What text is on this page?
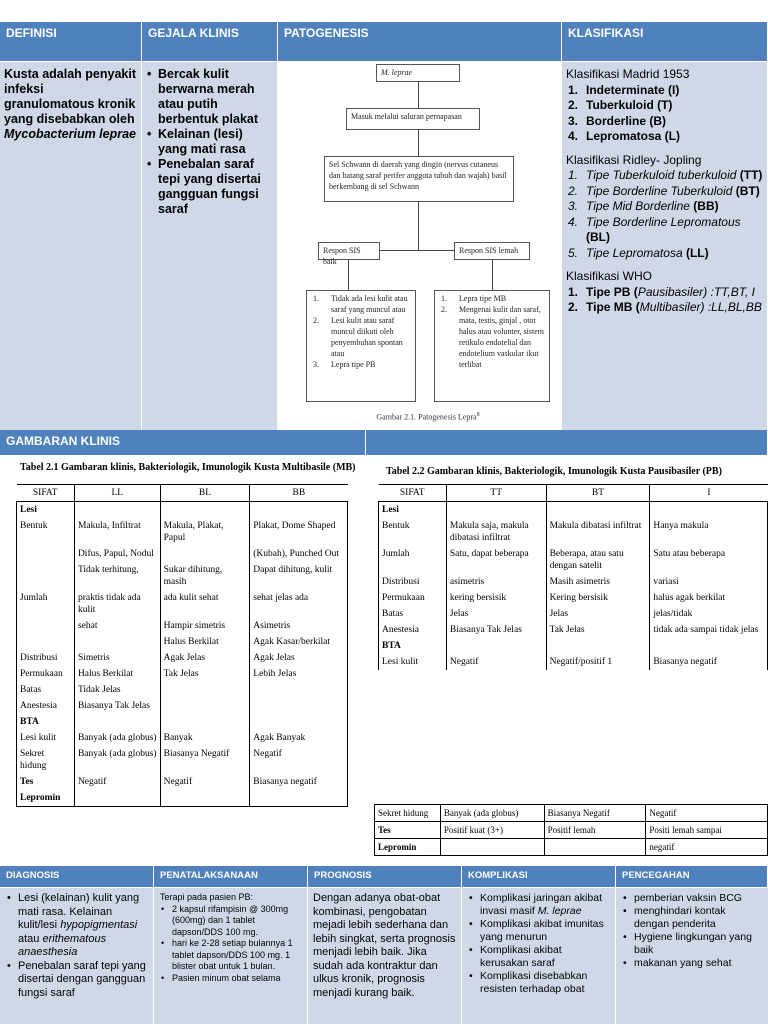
DEFINISI	GEJALA KLINIS	PATOGENESIS	KLASIFIKASI
Kusta adalah penyakit infeksi granulomatous kronik yang disebabkan oleh Mycobacterium leprae
• Bercak kulit berwarna merah atau putih berbentuk plakat
• Kelainan (lesi) yang mati rasa
• Penebalan saraf tepi yang disertai gangguan fungsi saraf
M. leprae
Masuk melalui saluran pernapasan
Sel Schwann di daerah yang dingin (nervus cutaneus dan batang saraf perifer anggota tubuh dan wajah) basil berkembang di sel Schwann
Respon SIS baik
Respon SIS lemah
1. Tidak ada lesi kulit atau saraf yang muncul atau
2. Lesi kulit atau saraf muncul diikuti oleh penyembuhan spontan atau
3. Lepra tipe PB
1. Lepra tipe MB
2. Mengenai kulit dan saraf, mata, testis, ginjal , otot halus atau volunter, sistem retikulo endotelial dan endotelium vaskular ikut terlibat
Gambar 2.1. Patogenesis Lepra$^8$
Klasifikasi Madrid 1953
1. Indeterminate (I)
2. Tuberkuloid (T)
3. Borderline (B)
4. Lepromatosa (L)
Klasifikasi Ridley- Jopling
1. Tipe Tuberkuloid tuberkuloid (TT)
2. Tipe Borderline Tuberkuloid (BT)
3. Tipe Mid Borderline (BB)
4. Tipe Borderline Lepromatous (BL)
5. Tipe Lepromatosa (LL)
Klasifikasi WHO
1. Tipe PB (Pausibasiler) :TT,BT, I
2. Tipe MB (Multibasiler) :LL,BL,BB
GAMBARAN KLINIS
Tabel 2.1 Gambaran klinis, Bakteriologik, Imunologik Kusta Multibasile (MB)
SIFAT	LL	BL	BB
Lesi			
Bentuk	Makula, Infiltrat	Makula, Plakat, Papul	Plakat, Dome Shaped
	Difus, Papul, Nodul		(Kubah), Punched Out
	Tidak terhitung,	Sukar dihitung, masih	Dapat dihitung, kulit
Jumlah	praktis tidak ada kulit	ada kulit sehat	sehat jelas ada
	sehat	Hampir simetris	Asimetris
		Halus Berkilat	Agak Kasar/berkilat
Distribusi	Simetris	Agak Jelas	Agak Jelas
Permukaan	Halus Berkilat	Tak Jelas	Lebih Jelas
Batas	Tidak Jelas		
Anestesia	Biasanya Tak Jelas		
BTA			
Lesi kulit	Banyak (ada globus)	Banyak	Agak Banyak
Sekret hidung	Banyak (ada globus)	Biasanya Negatif	Negatif
Tes	Negatif	Negatif	Biasanya negatif
Lepromin			
Tabel 2.2 Gambaran klinis, Bakteriologik, Imunologik Kusta Pausibasiler (PB)
SIFAT	TT	BT	I
Lesi			
Bentuk	Makula saja, makula dibatasi infiltrat	Makula dibatasi infiltrat	Hanya makula
Jumlah	Satu, dapat beberapa	Beberapa, atau satu dengan satelit	Satu atau beberapa
Distribusi	asimetris	Masih asimetris	variasi
Permukaan	kering bersisik	Kering bersisik	halus agak berkilat
Batas	Jelas	Jelas	jelas/tidak
Anestesia	Biasanya Tak Jelas	Tak Jelas	tidak ada sampai tidak jelas
BTA			
Lesi kulit	Negatif	Negatif/positif 1	Biasanya negatif
Sekret hidung	Banyak (ada globus)	Biasanya Negatif	Negatif
Tes	Positif kuat (3+)	Positif lemah	Positi lemah sampai
Lepromin			negatif
DIAGNOSIS	PENATALAKSANAAN	PROGNOSIS	KOMPLIKASI	PENCEGAHAN
• Lesi (kelainan) kulit yang mati rasa. Kelainan kulit/lesi hypopigmentasi atau erithematous anaesthesia
• Penebalan saraf tepi yang disertai dengan gangguan fungsi saraf
Terapi pada pasien PB:
• 2 kapsul rifampisin @ 300mg (600mg) dan 1 tablet dapson/DDS 100 mg.
• hari ke 2-28 setiap bulannya 1 tablet dapson/DDS 100 mg. 1 blister obat untuk 1 bulan.
• Pasien minum obat selama
Dengan adanya obat-obat kombinasi, pengobatan mejadi lebih sederhana dan lebih singkat, serta prognosis menjadi lebih baik. Jika sudah ada kontraktur dan ulkus kronik, prognosis menjadi kurang baik.
• Komplikasi jaringan akibat invasi masif M. leprae
• Komplikasi akibat imunitas yang menurun
• Komplikasi akibat kerusakan saraf
• Komplikasi disebabkan resisten terhadap obat
• pemberian vaksin BCG
• menghindari kontak dengan penderita
• Hygiene lingkungan yang baik
• makanan yang sehat
